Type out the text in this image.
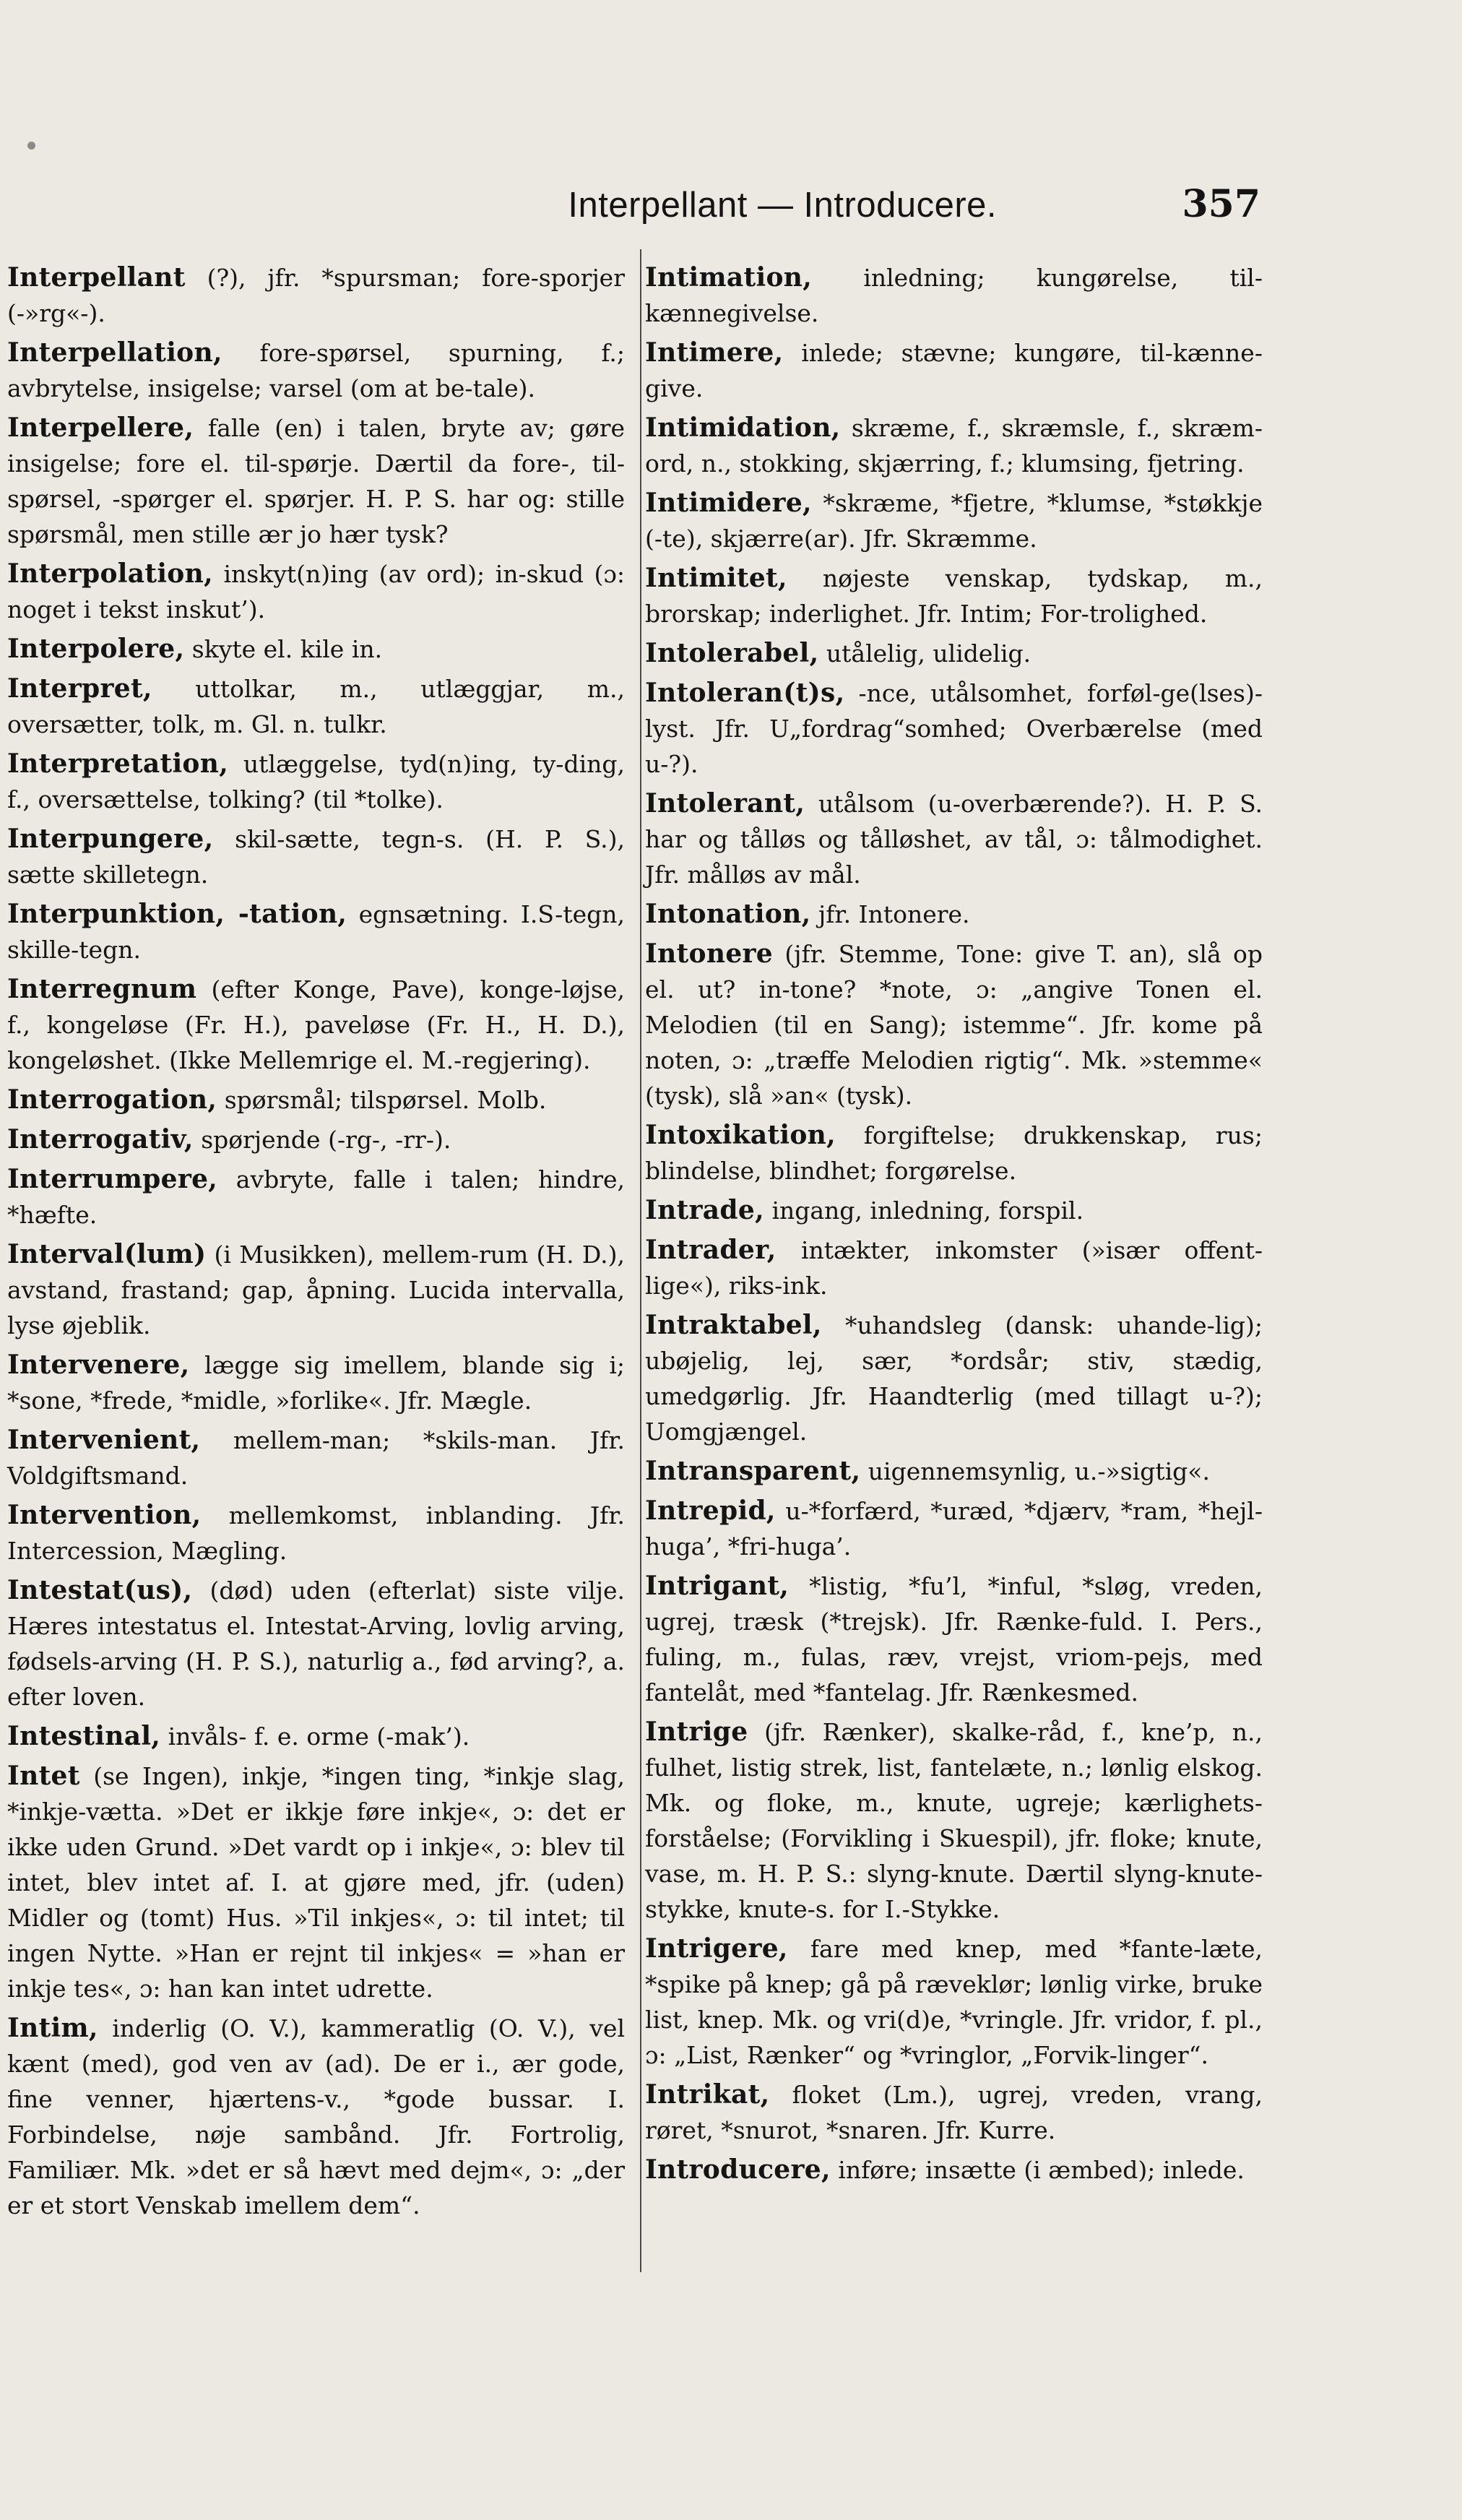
Interpellant — Introducere.	357

Interpellant (?), jfr. *spursman; fore-sporjer (-»rg«-).

Interpellation, fore-spørsel, spurning, f.; avbrytelse, insigelse; varsel (om at be-tale).

Interpellere, falle (en) i talen, bryte av; gøre insigelse; fore el. til-spørje. Dærtil da fore-, til-spørsel, -spørger el. spørjer. H. P. S. har og: stille spørsmål, men stille ær jo hær tysk?

Interpolation, inskyt(n)ing (av ord); in-skud (ɔ: noget i tekst inskut’).

Interpolere, skyte el. kile in.

Interpret, uttolkar, m., utlæggjar, m., oversætter, tolk, m. Gl. n. tulkr.

Interpretation, utlæggelse, tyd(n)ing, ty-ding, f., oversættelse, tolking? (til *tolke).

Interpungere, skil-sætte, tegn-s. (H. P. S.), sætte skilletegn.

Interpunktion, -tation, egnsætning. I.S-tegn, skille-tegn.

Interregnum (efter Konge, Pave), konge-løjse, f., kongeløse (Fr. H.), paveløse (Fr. H., H. D.), kongeløshet. (Ikke Mellemrige el. M.-regjering).

Interrogation, spørsmål; tilspørsel. Molb.

Interrogativ, spørjende (-rg-, -rr-).

Interrumpere, avbryte, falle i talen; hindre, *hæfte.

Interval(lum) (i Musikken), mellem-rum (H. D.), avstand, frastand; gap, åpning. Lucida intervalla, lyse øjeblik.

Intervenere, lægge sig imellem, blande sig i; *sone, *frede, *midle, »forlike«. Jfr. Mægle.

Intervenient, mellem-man; *skils-man. Jfr. Voldgiftsmand.

Intervention, mellemkomst, inblanding. Jfr. Intercession, Mægling.

Intestat(us), (død) uden (efterlat) siste vilje. Hæres intestatus el. Intestat-Arving, lovlig arving, fødsels-arving (H. P. S.), naturlig a., fød arving?, a. efter loven.

Intestinal, invåls- f. e. orme (-mak’).

Intet (se Ingen), inkje, *ingen ting, *inkje slag, *inkje-vætta. »Det er ikkje føre inkje«, ɔ: det er ikke uden Grund. »Det vardt op i inkje«, ɔ: blev til intet, blev intet af. I. at gjøre med, jfr. (uden) Midler og (tomt) Hus. »Til inkjes«, ɔ: til intet; til ingen Nytte. »Han er rejnt til inkjes« = »han er inkje tes«, ɔ: han kan intet udrette.

Intim, inderlig (O. V.), kammeratlig (O. V.), vel kænt (med), god ven av (ad). De er i., ær gode, fine venner, hjærtens-v., *gode bussar. I. Forbindelse, nøje sambånd. Jfr. Fortrolig, Familiær. Mk. »det er så hævt med dejm«, ɔ: „der er et stort Venskab imellem dem“.

Intimation, inledning; kungørelse, til-kænnegivelse.

Intimere, inlede; stævne; kungøre, til-kænne-give.

Intimidation, skræme, f., skræmsle, f., skræm-ord, n., stokking, skjærring, f.; klumsing, fjetring.

Intimidere, *skræme, *fjetre, *klumse, *støkkje (-te), skjærre(ar). Jfr. Skræmme.

Intimitet, nøjeste venskap, tydskap, m., brorskap; inderlighet. Jfr. Intim; For-trolighed.

Intolerabel, utålelig, ulidelig.

Intoleran(t)s, -nce, utålsomhet, forføl-ge(lses)-lyst. Jfr. U„fordrag“somhed; Overbærelse (med u-?).

Intolerant, utålsom (u-overbærende?). H. P. S. har og tålløs og tålløshet, av tål, ɔ: tålmodighet. Jfr. målløs av mål.

Intonation, jfr. Intonere.

Intonere (jfr. Stemme, Tone: give T. an), slå op el. ut? in-tone? *note, ɔ: „angive Tonen el. Melodien (til en Sang); istemme“. Jfr. kome på noten, ɔ: „træffe Melodien rigtig“. Mk. »stemme« (tysk), slå »an« (tysk).

Intoxikation, forgiftelse; drukkenskap, rus; blindelse, blindhet; forgørelse.

Intrade, ingang, inledning, forspil.

Intrader, intækter, inkomster (»især offent-lige«), riks-ink.

Intraktabel, *uhandsleg (dansk: uhande-lig); ubøjelig, lej, sær, *ordsår; stiv, stædig, umedgørlig. Jfr. Haandterlig (med tillagt u-?); Uomgjængel.

Intransparent, uigennemsynlig, u.-»sigtig«.

Intrepid, u-*forfærd, *uræd, *djærv, *ram, *hejl-huga’, *fri-huga’.

Intrigant, *listig, *fu’l, *inful, *sløg, vreden, ugrej, træsk (*trejsk). Jfr. Rænke-fuld. I. Pers., fuling, m., fulas, ræv, vrejst, vriom-pejs, med fantelåt, med *fantelag. Jfr. Rænkesmed.

Intrige (jfr. Rænker), skalke-råd, f., kne’p, n., fulhet, listig strek, list, fantelæte, n.; lønlig elskog. Mk. og floke, m., knute, ugreje; kærlighets-forståelse; (Forvikling i Skuespil), jfr. floke; knute, vase, m. H. P. S.: slyng-knute. Dærtil slyng-knute-stykke, knute-s. for I.-Stykke.

Intrigere, fare med knep, med *fante-læte, *spike på knep; gå på ræveklør; lønlig virke, bruke list, knep. Mk. og vri(d)e, *vringle. Jfr. vridor, f. pl., ɔ: „List, Rænker“ og *vringlor, „Forvik-linger“.

Intrikat, floket (Lm.), ugrej, vreden, vrang, røret, *snurot, *snaren. Jfr. Kurre.

Introducere, inføre; insætte (i æmbed); inlede.
